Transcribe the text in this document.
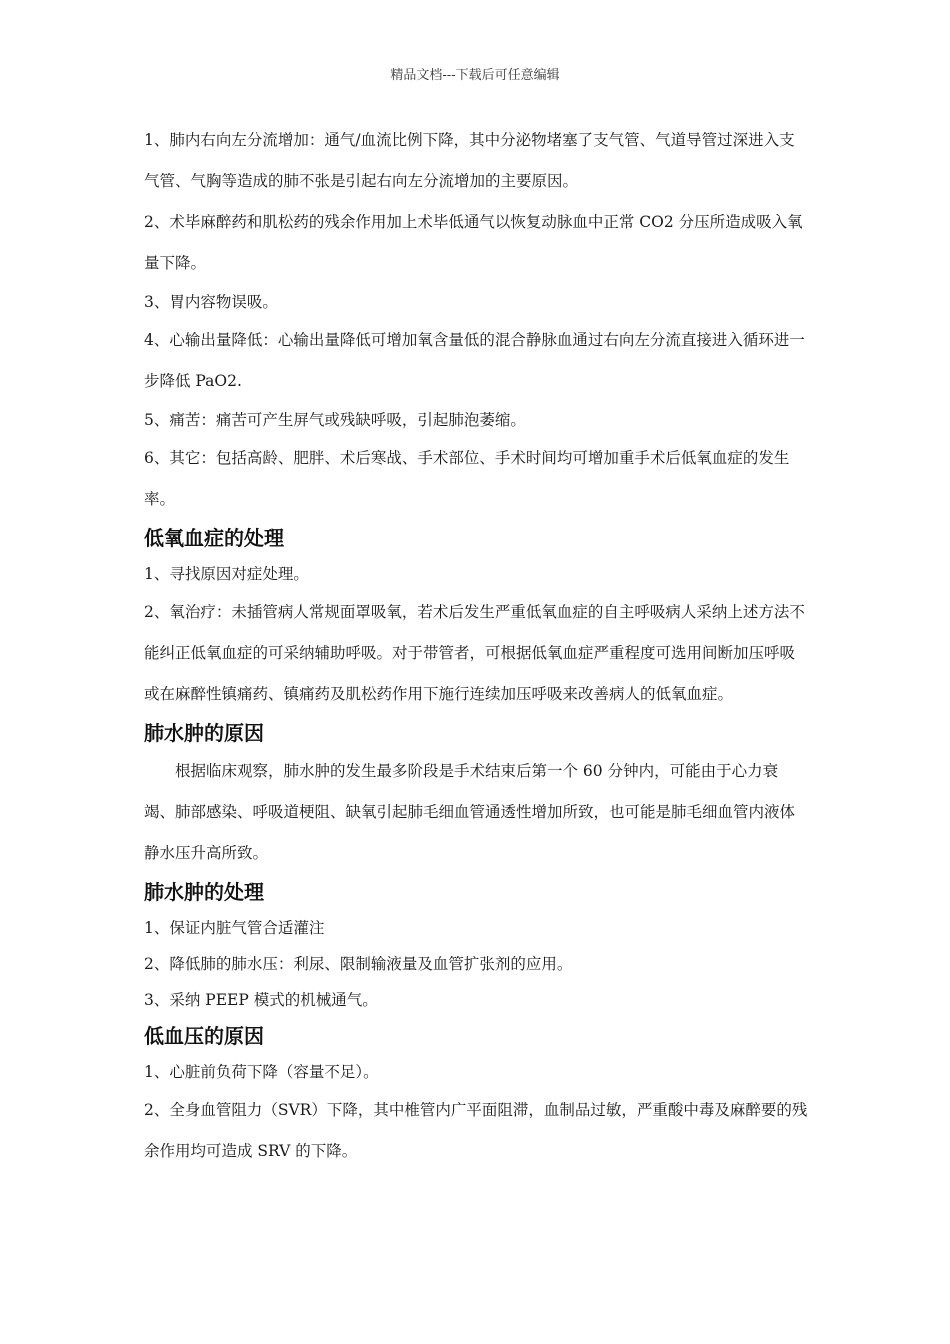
精品文档---下载后可任意编辑

1、肺内右向左分流增加：通气/血流比例下降，其中分泌物堵塞了支气管、气道导管过深进入支气管、气胸等造成的肺不张是引起右向左分流增加的主要原因。

2、术毕麻醉药和肌松药的残余作用加上术毕低通气以恢复动脉血中正常 CO2 分压所造成吸入氧量下降。

3、胃内容物误吸。

4、心输出量降低：心输出量降低可增加氧含量低的混合静脉血通过右向左分流直接进入循环进一步降低 PaO2.

5、痛苦：痛苦可产生屏气或残缺呼吸，引起肺泡萎缩。

6、其它：包括高龄、肥胖、术后寒战、手术部位、手术时间均可增加重手术后低氧血症的发生率。

低氧血症的处理

1、寻找原因对症处理。

2、氧治疗：未插管病人常规面罩吸氧，若术后发生严重低氧血症的自主呼吸病人采纳上述方法不能纠正低氧血症的可采纳辅助呼吸。对于带管者，可根据低氧血症严重程度可选用间断加压呼吸或在麻醉性镇痛药、镇痛药及肌松药作用下施行连续加压呼吸来改善病人的低氧血症。

肺水肿的原因

根据临床观察，肺水肿的发生最多阶段是手术结束后第一个 60 分钟内，可能由于心力衰竭、肺部感染、呼吸道梗阻、缺氧引起肺毛细血管通透性增加所致，也可能是肺毛细血管内液体静水压升高所致。

肺水肿的处理

1、保证内脏气管合适灌注

2、降低肺的肺水压：利尿、限制输液量及血管扩张剂的应用。

3、采纳 PEEP 模式的机械通气。

低血压的原因

1、心脏前负荷下降（容量不足）。

2、全身血管阻力（SVR）下降，其中椎管内广平面阻滞，血制品过敏，严重酸中毒及麻醉要的残余作用均可造成 SRV 的下降。
